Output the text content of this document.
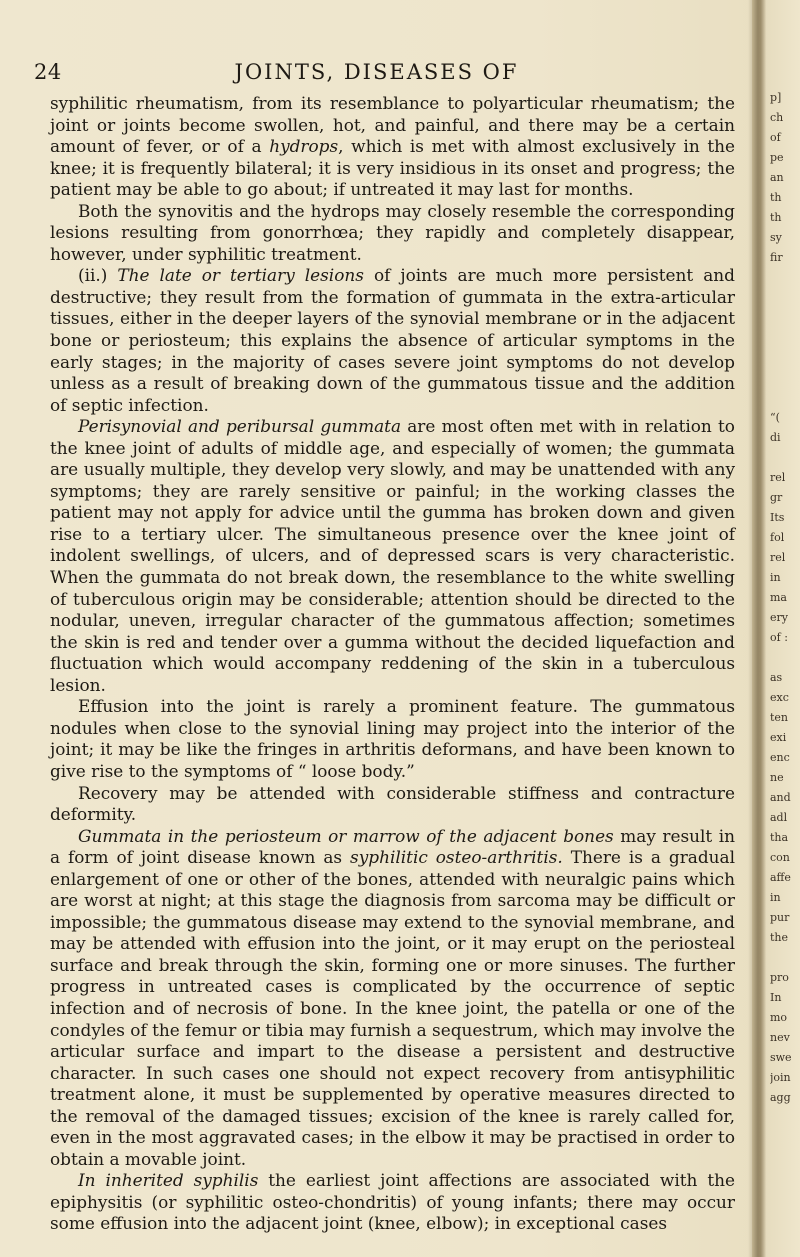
24	JOINTS, DISEASES OF

syphilitic rheumatism, from its resemblance to polyarticular rheumatism; the joint or joints become swollen, hot, and painful, and there may be a certain amount of fever, or of a hydrops, which is met with almost exclusively in the knee; it is frequently bilateral; it is very insidious in its onset and progress; the patient may be able to go about; if untreated it may last for months.

Both the synovitis and the hydrops may closely resemble the corresponding lesions resulting from gonorrhœa; they rapidly and completely disappear, however, under syphilitic treatment.

(ii.) The late or tertiary lesions of joints are much more persistent and destructive; they result from the formation of gummata in the extra-articular tissues, either in the deeper layers of the synovial membrane or in the adjacent bone or periosteum; this explains the absence of articular symptoms in the early stages; in the majority of cases severe joint symptoms do not develop unless as a result of breaking down of the gummatous tissue and the addition of septic infection.

Perisynovial and peribursal gummata are most often met with in relation to the knee joint of adults of middle age, and especially of women; the gummata are usually multiple, they develop very slowly, and may be unattended with any symptoms; they are rarely sensitive or painful; in the working classes the patient may not apply for advice until the gumma has broken down and given rise to a tertiary ulcer. The simultaneous presence over the knee joint of indolent swellings, of ulcers, and of depressed scars is very characteristic. When the gummata do not break down, the resemblance to the white swelling of tuberculous origin may be considerable; attention should be directed to the nodular, uneven, irregular character of the gummatous affection; sometimes the skin is red and tender over a gumma without the decided liquefaction and fluctuation which would accompany reddening of the skin in a tuberculous lesion.

Effusion into the joint is rarely a prominent feature. The gummatous nodules when close to the synovial lining may project into the interior of the joint; it may be like the fringes in arthritis deformans, and have been known to give rise to the symptoms of “ loose body.”

Recovery may be attended with considerable stiffness and contracture deformity.

Gummata in the periosteum or marrow of the adjacent bones may result in a form of joint disease known as syphilitic osteo-arthritis. There is a gradual enlargement of one or other of the bones, attended with neuralgic pains which are worst at night; at this stage the diagnosis from sarcoma may be difficult or impossible; the gummatous disease may extend to the synovial membrane, and may be attended with effusion into the joint, or it may erupt on the periosteal surface and break through the skin, forming one or more sinuses. The further progress in untreated cases is complicated by the occurrence of septic infection and of necrosis of bone. In the knee joint, the patella or one of the condyles of the femur or tibia may furnish a sequestrum, which may involve the articular surface and impart to the disease a persistent and destructive character. In such cases one should not expect recovery from antisyphilitic treatment alone, it must be supplemented by operative measures directed to the removal of the damaged tissues; excision of the knee is rarely called for, even in the most aggravated cases; in the elbow it may be practised in order to obtain a movable joint.

In inherited syphilis the earliest joint affections are associated with the epiphysitis (or syphilitic osteo-chondritis) of young infants; there may occur some effusion into the adjacent joint (knee, elbow); in exceptional cases

p]
ch
of
pe
an
th
th
sy
fir
“(
di
rel
gr
Its
fol
rel
in
ma
ery
of :
as
exc
ten
exi
enc
ne
and
adl
tha
con
affe
in
pur
the
pro
In
mo
nev
swe
join
agg
